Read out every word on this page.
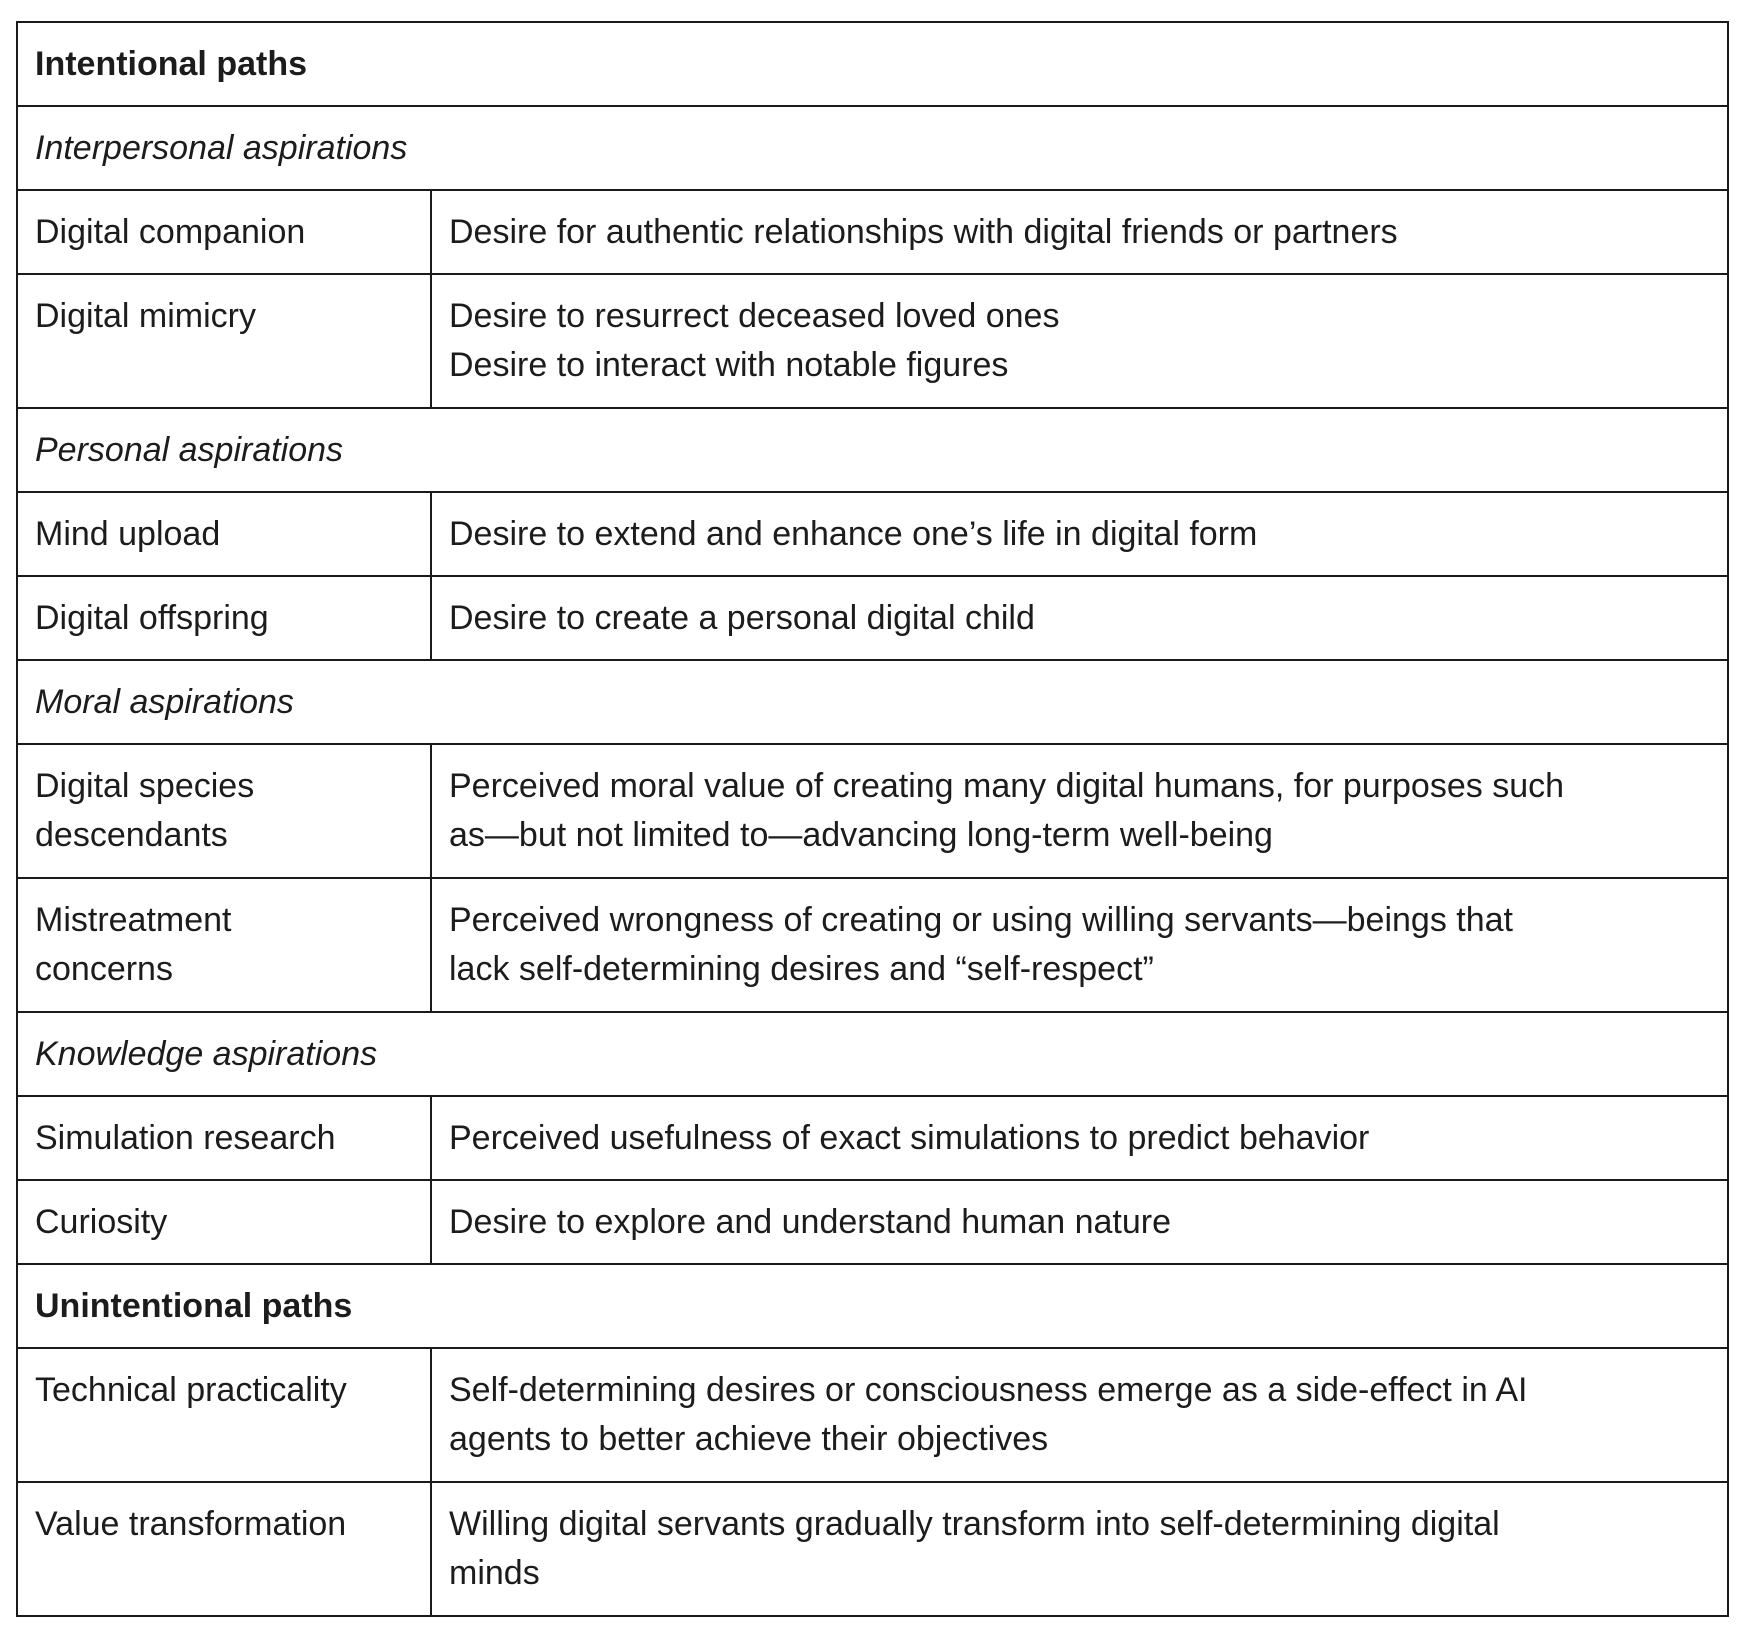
Intentional paths	
Interpersonal aspirations	
Digital companion	Desire for authentic relationships with digital friends or partners

Digital mimicry	Desire to resurrect deceased loved ones
Desire to interact with notable figures

Personal aspirations	
Mind upload	Desire to extend and enhance one’s life in digital form

Digital offspring	Desire to create a personal digital child

Moral aspirations	

Digital species
descendants	Perceived moral value of creating many digital humans, for purposes such
as—but not limited to—advancing long-term well-being

Mistreatment
concerns	Perceived wrongness of creating or using willing servants—beings that
lack self-determining desires and “self-respect”

Knowledge aspirations	
Simulation research	Perceived usefulness of exact simulations to predict behavior

Curiosity	Desire to explore and understand human nature

Unintentional paths	
Technical practicality	Self-determining desires or consciousness emerge as a side-effect in AI
agents to better achieve their objectives

Value transformation	Willing digital servants gradually transform into self-determining digital
minds
